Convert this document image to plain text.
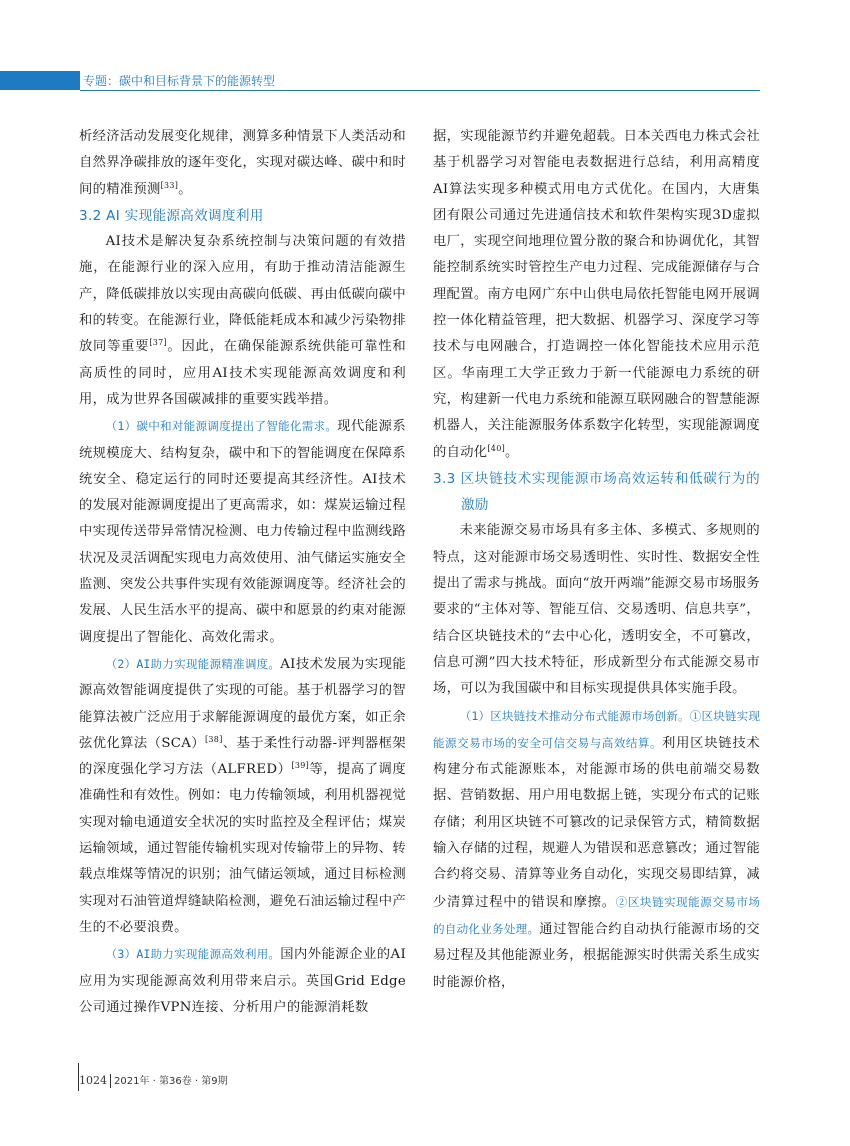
专题：碳中和目标背景下的能源转型

析经济活动发展变化规律，测算多种情景下人类活动和自然界净碳排放的逐年变化，实现对碳达峰、碳中和时间的精准预测[33]。

3.2 AI 实现能源高效调度利用

AI技术是解决复杂系统控制与决策问题的有效措施，在能源行业的深入应用，有助于推动清洁能源生产，降低碳排放以实现由高碳向低碳、再由低碳向碳中和的转变。在能源行业，降低能耗成本和减少污染物排放同等重要[37]。因此，在确保能源系统供能可靠性和高质性的同时，应用AI技术实现能源高效调度和利用，成为世界各国碳减排的重要实践举措。

（1）碳中和对能源调度提出了智能化需求。现代能源系统规模庞大、结构复杂，碳中和下的智能调度在保障系统安全、稳定运行的同时还要提高其经济性。AI技术的发展对能源调度提出了更高需求，如：煤炭运输过程中实现传送带异常情况检测、电力传输过程中监测线路状况及灵活调配实现电力高效使用、油气储运实施安全监测、突发公共事件实现有效能源调度等。经济社会的发展、人民生活水平的提高、碳中和愿景的约束对能源调度提出了智能化、高效化需求。

（2）AI助力实现能源精准调度。AI技术发展为实现能源高效智能调度提供了实现的可能。基于机器学习的智能算法被广泛应用于求解能源调度的最优方案，如正余弦优化算法（SCA）[38]、基于柔性行动器-评判器框架的深度强化学习方法（ALFRED）[39]等，提高了调度准确性和有效性。例如：电力传输领域，利用机器视觉实现对输电通道安全状况的实时监控及全程评估；煤炭运输领域，通过智能传输机实现对传输带上的异物、转载点堆煤等情况的识别；油气储运领域，通过目标检测实现对石油管道焊缝缺陷检测，避免石油运输过程中产生的不必要浪费。

（3）AI助力实现能源高效利用。国内外能源企业的AI应用为实现能源高效利用带来启示。英国Grid Edge公司通过操作VPN连接、分析用户的能源消耗数

据，实现能源节约并避免超载。日本关西电力株式会社基于机器学习对智能电表数据进行总结，利用高精度AI算法实现多种模式用电方式优化。在国内，大唐集团有限公司通过先进通信技术和软件架构实现3D虚拟电厂，实现空间地理位置分散的聚合和协调优化，其智能控制系统实时管控生产电力过程、完成能源储存与合理配置。南方电网广东中山供电局依托智能电网开展调控一体化精益管理，把大数据、机器学习、深度学习等技术与电网融合，打造调控一体化智能技术应用示范区。华南理工大学正致力于新一代能源电力系统的研究，构建新一代电力系统和能源互联网融合的智慧能源机器人，关注能源服务体系数字化转型，实现能源调度的自动化[40]。

3.3 区块链技术实现能源市场高效运转和低碳行为的激励

未来能源交易市场具有多主体、多模式、多规则的特点，这对能源市场交易透明性、实时性、数据安全性提出了需求与挑战。面向“放开两端”能源交易市场服务要求的“主体对等、智能互信、交易透明、信息共享”，结合区块链技术的“去中心化，透明安全，不可篡改，信息可溯”四大技术特征，形成新型分布式能源交易市场，可以为我国碳中和目标实现提供具体实施手段。

（1）区块链技术推动分布式能源市场创新。①区块链实现能源交易市场的安全可信交易与高效结算。利用区块链技术构建分布式能源账本，对能源市场的供电前端交易数据、营销数据、用户用电数据上链，实现分布式的记账存储；利用区块链不可篡改的记录保管方式，精简数据输入存储的过程，规避人为错误和恶意篡改；通过智能合约将交易、清算等业务自动化，实现交易即结算，减少清算过程中的错误和摩擦。②区块链实现能源交易市场的自动化业务处理。通过智能合约自动执行能源市场的交易过程及其他能源业务，根据能源实时供需关系生成实时能源价格，

1024 2021年 · 第36卷 · 第9期
